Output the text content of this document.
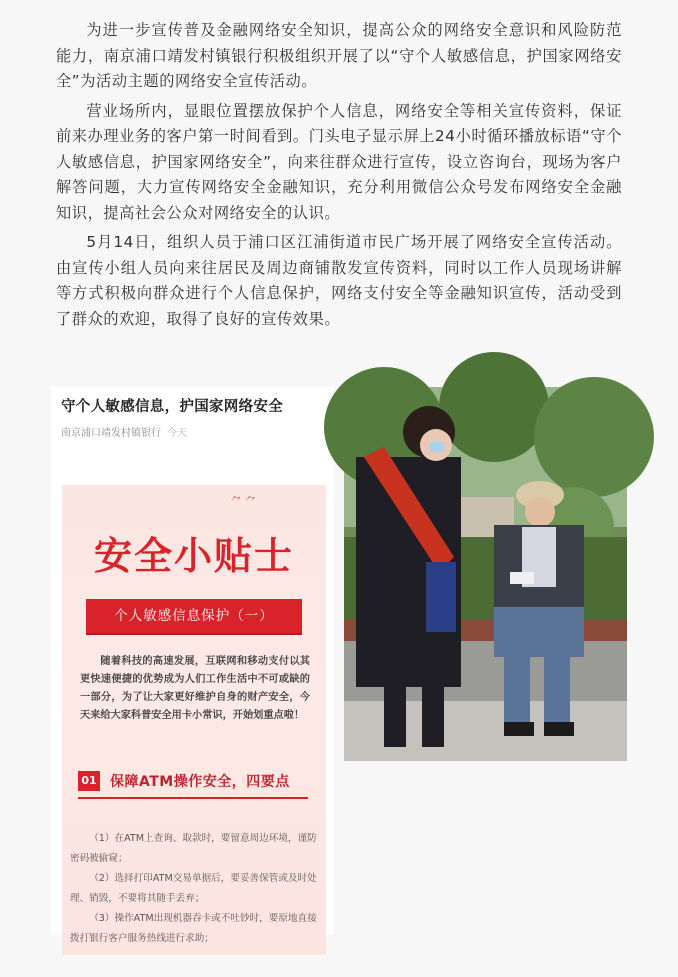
为进一步宣传普及金融网络安全知识，提高公众的网络安全意识和风险防范能力，南京浦口靖发村镇银行积极组织开展了以“守个人敏感信息，护国家网络安全”为活动主题的网络安全宣传活动。

营业场所内，显眼位置摆放保护个人信息，网络安全等相关宣传资料，保证前来办理业务的客户第一时间看到。门头电子显示屏上24小时循环播放标语“守个人敏感信息，护国家网络安全”，向来往群众进行宣传，设立咨询台，现场为客户解答问题，大力宣传网络安全金融知识，充分利用微信公众号发布网络安全金融知识，提高社会公众对网络安全的认识。

5月14日，组织人员于浦口区江浦街道市民广场开展了网络安全宣传活动。由宣传小组人员向来往居民及周边商铺散发宣传资料，同时以工作人员现场讲解等方式积极向群众进行个人信息保护，网络支付安全等金融知识宣传，活动受到了群众的欢迎，取得了良好的宣传效果。

守个人敏感信息，护国家网络安全
南京浦口靖发村镇银行 今天
⺈ ⺈
安全小贴士
个人敏感信息保护（一）
随着科技的高速发展，互联网和移动支付以其更快速便捷的优势成为人们工作生活中不可或缺的一部分，为了让大家更好维护自身的财产安全，今天来给大家科普安全用卡小常识，开始划重点啦！
01 保障ATM操作安全，四要点

（1）在ATM上查询、取款时，要留意周边环境，谨防密码被偷窥；

（2）选择打印ATM交易单据后，要妥善保管或及时处理、销毁，不要将其随手丢弃；

（3）操作ATM出现机器吞卡或不吐钞时，要原地直接拨打银行客户服务热线进行求助；
